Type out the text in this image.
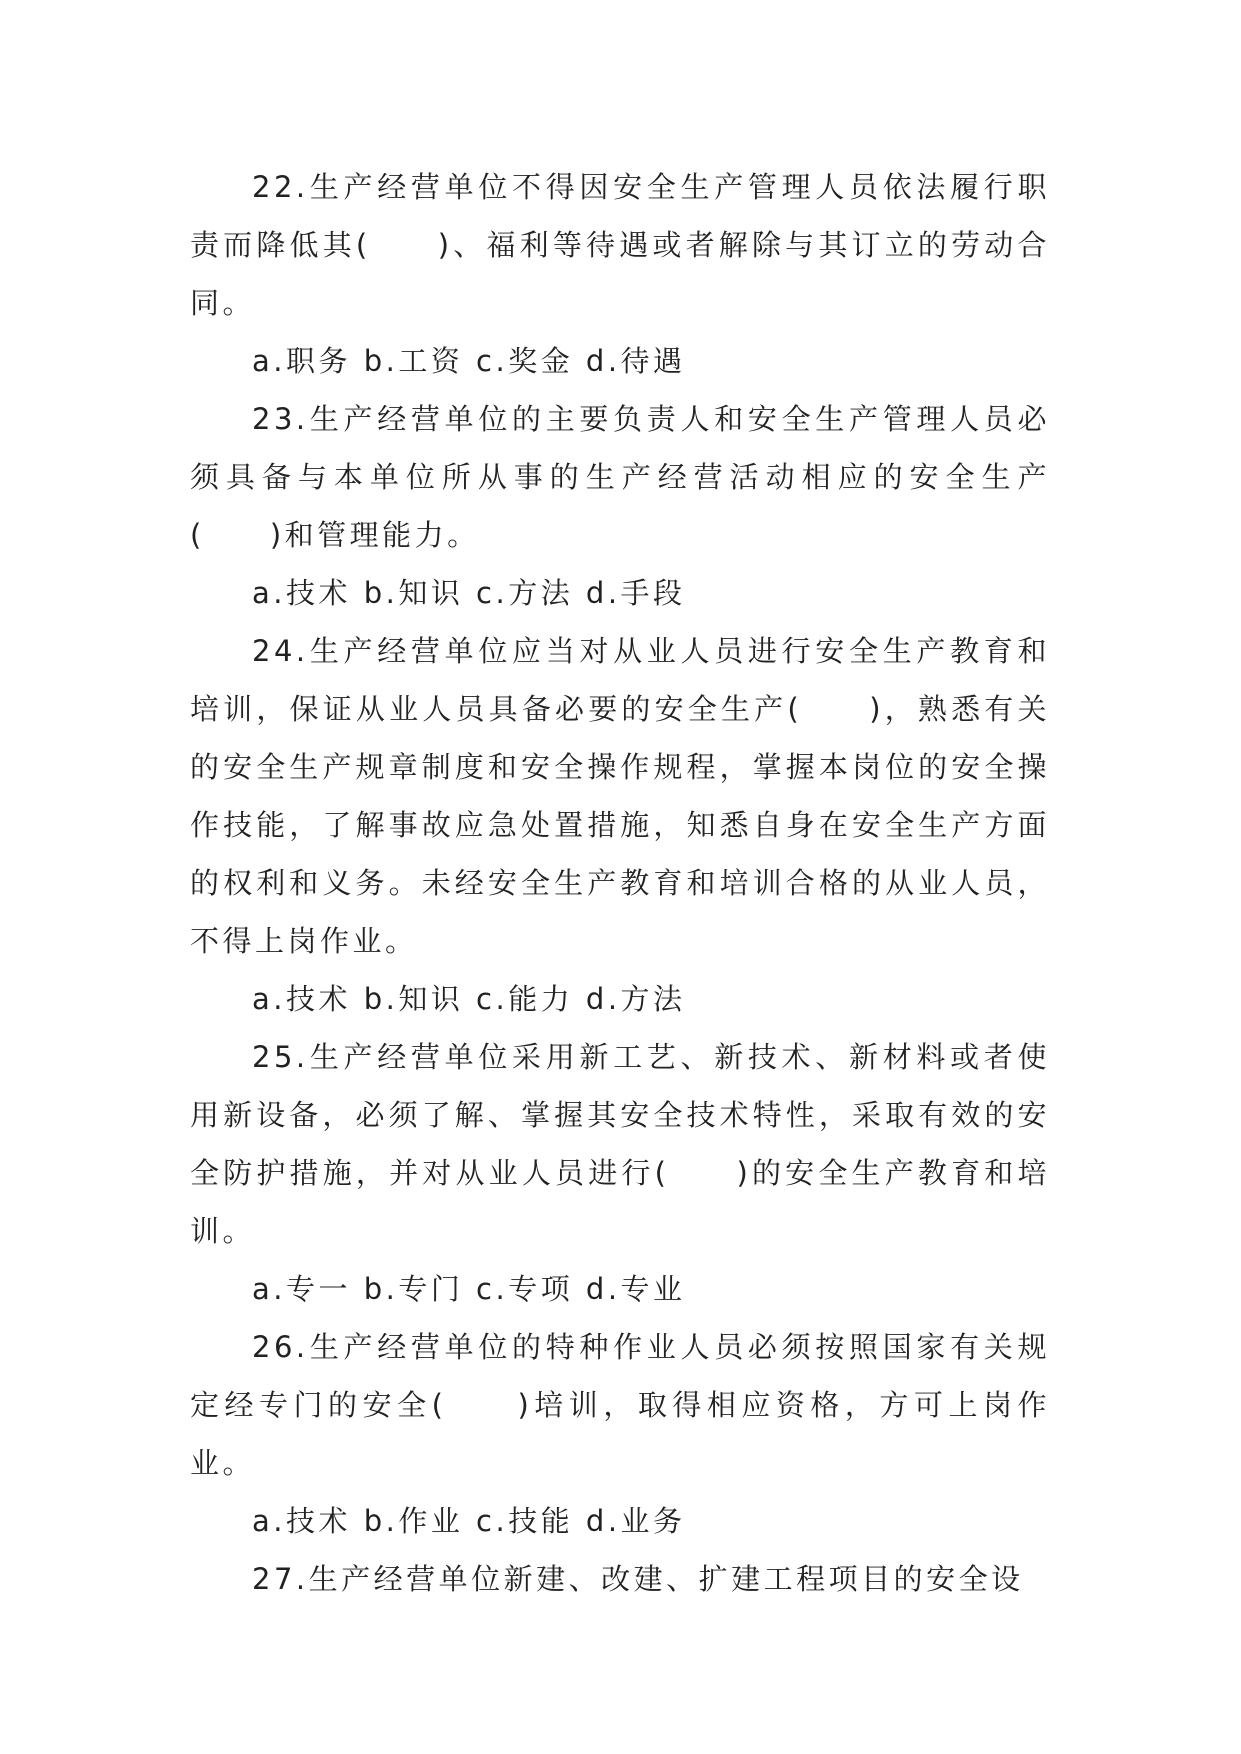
22.生产经营单位不得因安全生产管理人员依法履行职责而降低其(　　)、福利等待遇或者解除与其订立的劳动合同。

a.职务 b.工资 c.奖金 d.待遇

23.生产经营单位的主要负责人和安全生产管理人员必须具备与本单位所从事的生产经营活动相应的安全生产(　　)和管理能力。

a.技术 b.知识 c.方法 d.手段

24.生产经营单位应当对从业人员进行安全生产教育和培训，保证从业人员具备必要的安全生产(　　)，熟悉有关的安全生产规章制度和安全操作规程，掌握本岗位的安全操作技能，了解事故应急处置措施，知悉自身在安全生产方面的权利和义务。未经安全生产教育和培训合格的从业人员，不得上岗作业。

a.技术 b.知识 c.能力 d.方法

25.生产经营单位采用新工艺、新技术、新材料或者使用新设备，必须了解、掌握其安全技术特性，采取有效的安全防护措施，并对从业人员进行(　　)的安全生产教育和培训。

a.专一 b.专门 c.专项 d.专业

26.生产经营单位的特种作业人员必须按照国家有关规定经专门的安全(　　)培训，取得相应资格，方可上岗作业。

a.技术 b.作业 c.技能 d.业务

27.生产经营单位新建、改建、扩建工程项目的安全设
